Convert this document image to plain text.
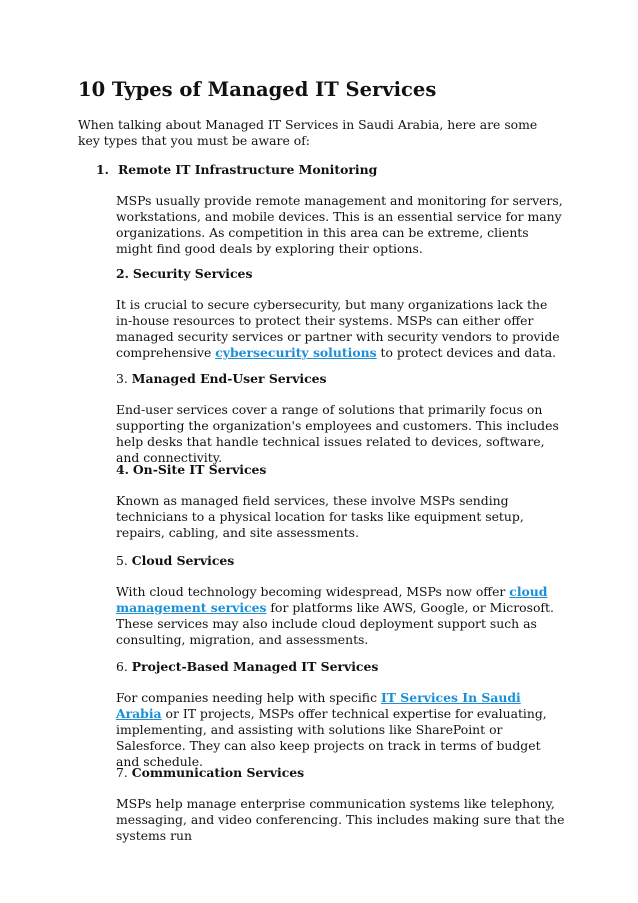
10 Types of Managed IT Services

When talking about Managed IT Services in Saudi Arabia, here are some key types that you must be aware of:

1. Remote IT Infrastructure Monitoring

MSPs usually provide remote management and monitoring for servers, workstations, and mobile devices. This is an essential service for many organizations. As competition in this area can be extreme, clients might find good deals by exploring their options.

2. Security Services

It is crucial to secure cybersecurity, but many organizations lack the in-house resources to protect their systems. MSPs can either offer managed security services or partner with security vendors to provide comprehensive cybersecurity solutions to protect devices and data.

3. Managed End-User Services

End-user services cover a range of solutions that primarily focus on supporting the organization's employees and customers. This includes help desks that handle technical issues related to devices, software, and connectivity.

4. On-Site IT Services

Known as managed field services, these involve MSPs sending technicians to a physical location for tasks like equipment setup, repairs, cabling, and site assessments.

5. Cloud Services

With cloud technology becoming widespread, MSPs now offer cloud management services for platforms like AWS, Google, or Microsoft. These services may also include cloud deployment support such as consulting, migration, and assessments.

6. Project-Based Managed IT Services

For companies needing help with specific IT Services In Saudi Arabia or IT projects, MSPs offer technical expertise for evaluating, implementing, and assisting with solutions like SharePoint or Salesforce. They can also keep projects on track in terms of budget and schedule.

7. Communication Services

MSPs help manage enterprise communication systems like telephony, messaging, and video conferencing. This includes making sure that the systems run
